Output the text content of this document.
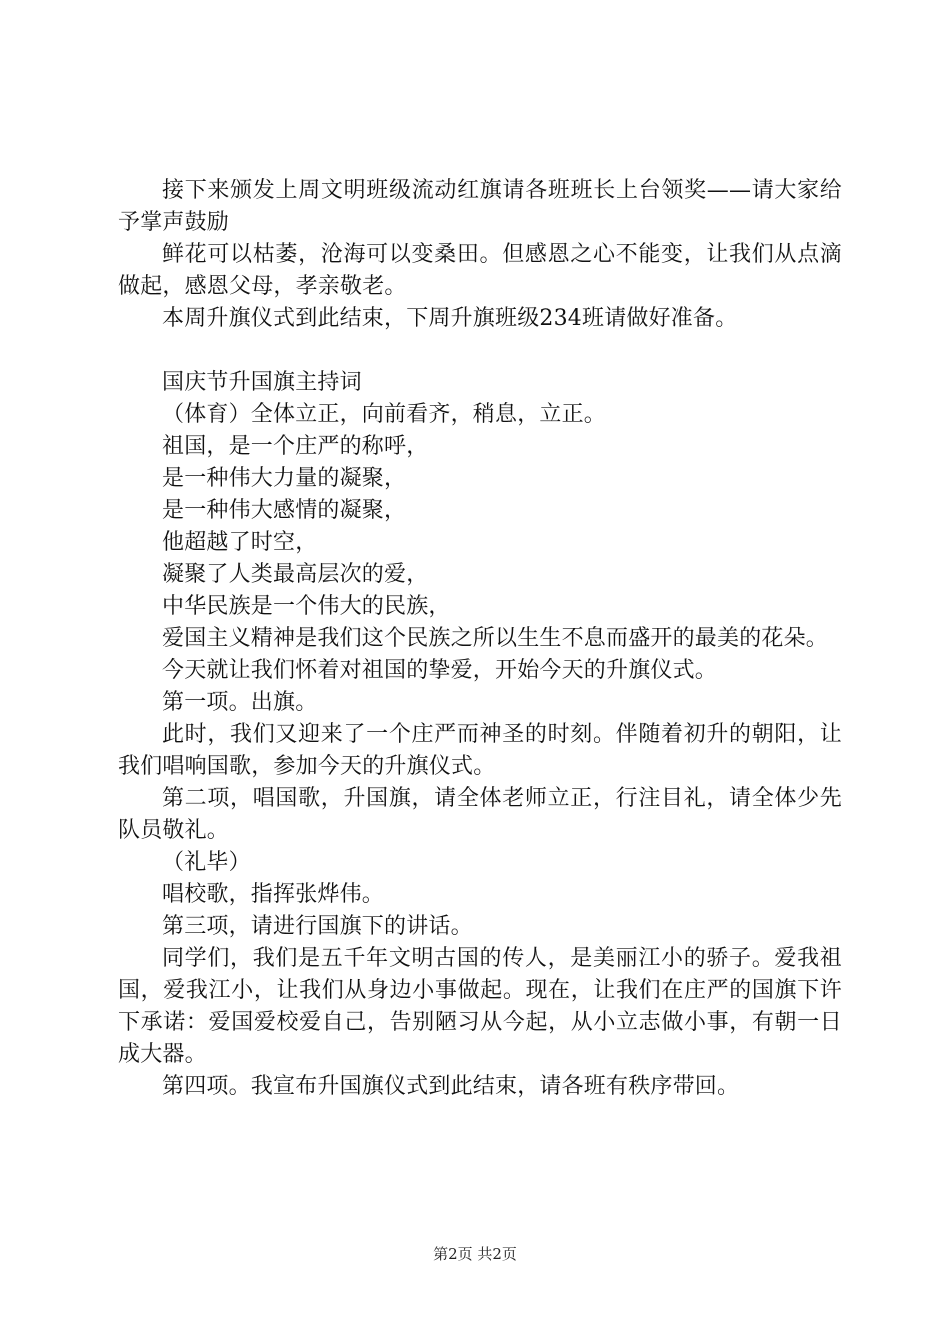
接下来颁发上周文明班级流动红旗请各班班长上台领奖——请大家给予掌声鼓励

鲜花可以枯萎，沧海可以变桑田。但感恩之心不能变，让我们从点滴做起，感恩父母，孝亲敬老。

本周升旗仪式到此结束，下周升旗班级234班请做好准备。

国庆节升国旗主持词

（体育）全体立正，向前看齐，稍息，立正。

祖国，是一个庄严的称呼，

是一种伟大力量的凝聚，

是一种伟大感情的凝聚，

他超越了时空，

凝聚了人类最高层次的爱，

中华民族是一个伟大的民族，

爱国主义精神是我们这个民族之所以生生不息而盛开的最美的花朵。

今天就让我们怀着对祖国的挚爱，开始今天的升旗仪式。

第一项。出旗。

此时，我们又迎来了一个庄严而神圣的时刻。伴随着初升的朝阳，让我们唱响国歌，参加今天的升旗仪式。

第二项，唱国歌，升国旗，请全体老师立正，行注目礼，请全体少先队员敬礼。

（礼毕）

唱校歌，指挥张烨伟。

第三项，请进行国旗下的讲话。

同学们，我们是五千年文明古国的传人，是美丽江小的骄子。爱我祖国，爱我江小，让我们从身边小事做起。现在，让我们在庄严的国旗下许下承诺：爱国爱校爱自己，告别陋习从今起，从小立志做小事，有朝一日成大器。

第四项。我宣布升国旗仪式到此结束，请各班有秩序带回。

第2页 共2页
